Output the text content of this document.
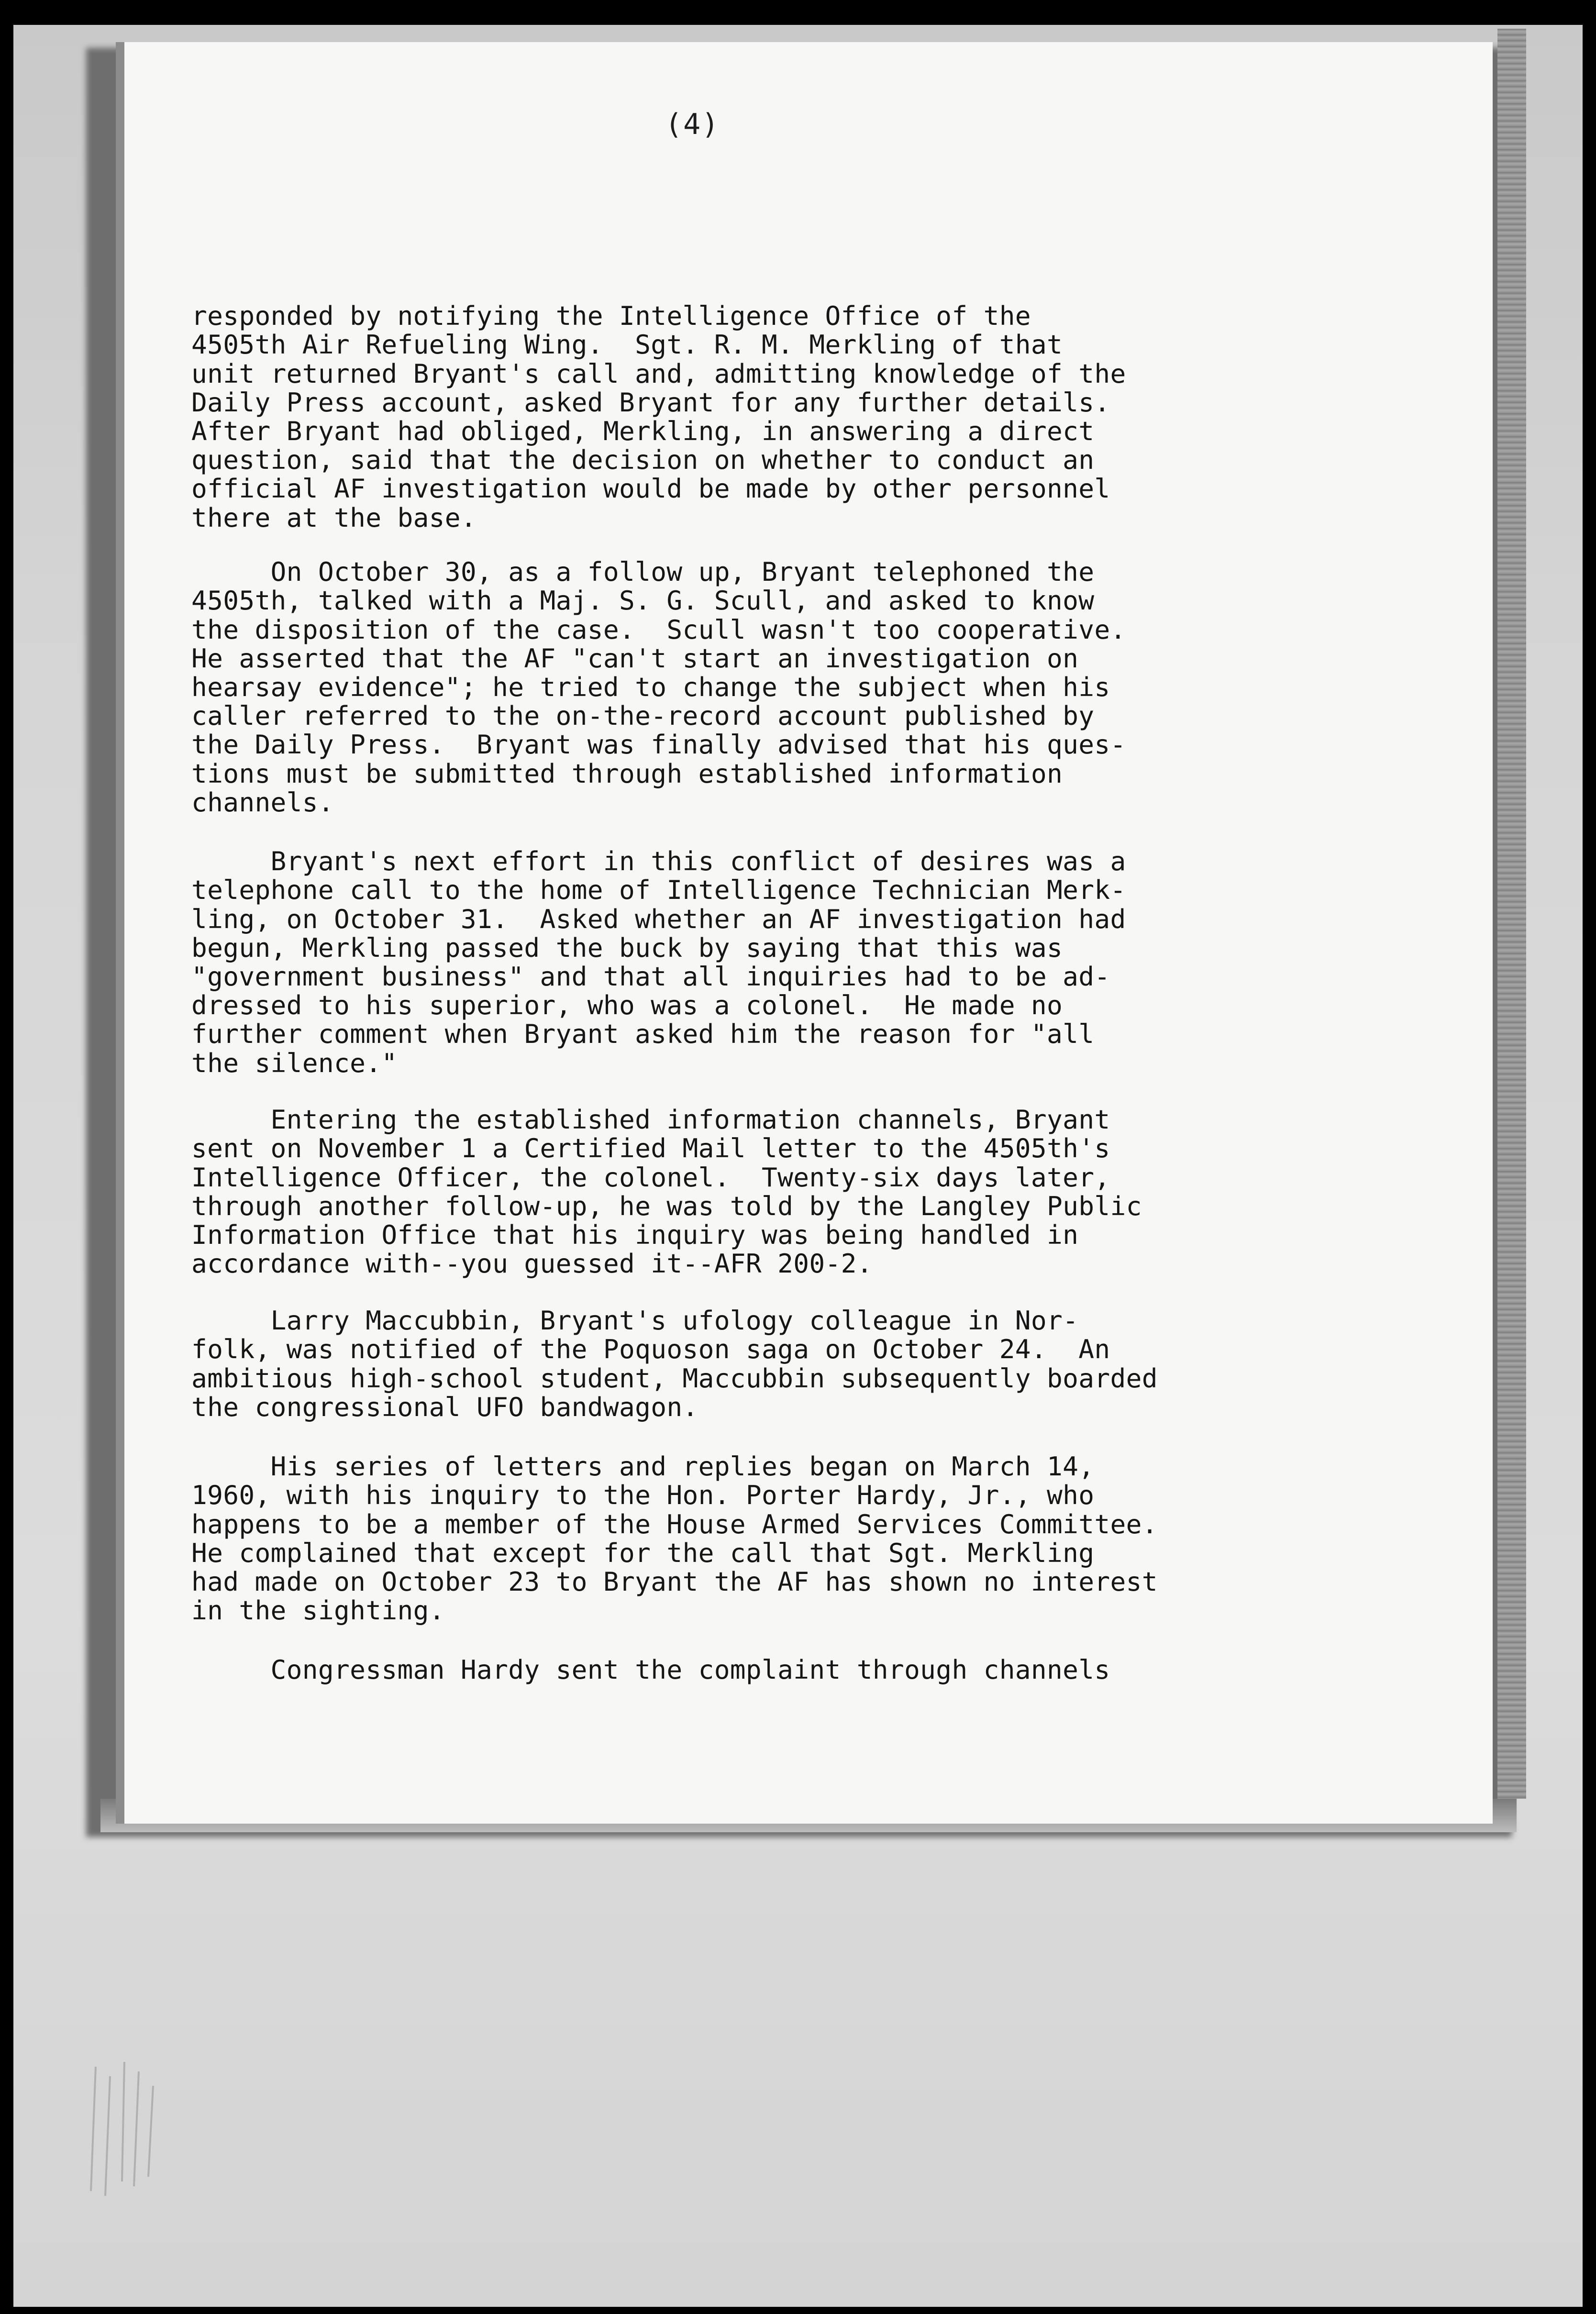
(4)

responded by notifying the Intelligence Office of the
4505th Air Refueling Wing.  Sgt. R. M. Merkling of that
unit returned Bryant's call and, admitting knowledge of the
Daily Press account, asked Bryant for any further details.
After Bryant had obliged, Merkling, in answering a direct
question, said that the decision on whether to conduct an
official AF investigation would be made by other personnel
there at the base.

On October 30, as a follow up, Bryant telephoned the
4505th, talked with a Maj. S. G. Scull, and asked to know
the disposition of the case.  Scull wasn't too cooperative.
He asserted that the AF "can't start an investigation on
hearsay evidence"; he tried to change the subject when his
caller referred to the on-the-record account published by
the Daily Press.  Bryant was finally advised that his ques-
tions must be submitted through established information
channels.

Bryant's next effort in this conflict of desires was a
telephone call to the home of Intelligence Technician Merk-
ling, on October 31.  Asked whether an AF investigation had
begun, Merkling passed the buck by saying that this was
"government business" and that all inquiries had to be ad-
dressed to his superior, who was a colonel.  He made no
further comment when Bryant asked him the reason for "all
the silence."

Entering the established information channels, Bryant
sent on November 1 a Certified Mail letter to the 4505th's
Intelligence Officer, the colonel.  Twenty-six days later,
through another follow-up, he was told by the Langley Public
Information Office that his inquiry was being handled in
accordance with--you guessed it--AFR 200-2.

Larry Maccubbin, Bryant's ufology colleague in Nor-
folk, was notified of the Poquoson saga on October 24.  An
ambitious high-school student, Maccubbin subsequently boarded
the congressional UFO bandwagon.

His series of letters and replies began on March 14,
1960, with his inquiry to the Hon. Porter Hardy, Jr., who
happens to be a member of the House Armed Services Committee.
He complained that except for the call that Sgt. Merkling
had made on October 23 to Bryant the AF has shown no interest
in the sighting.

Congressman Hardy sent the complaint through channels
